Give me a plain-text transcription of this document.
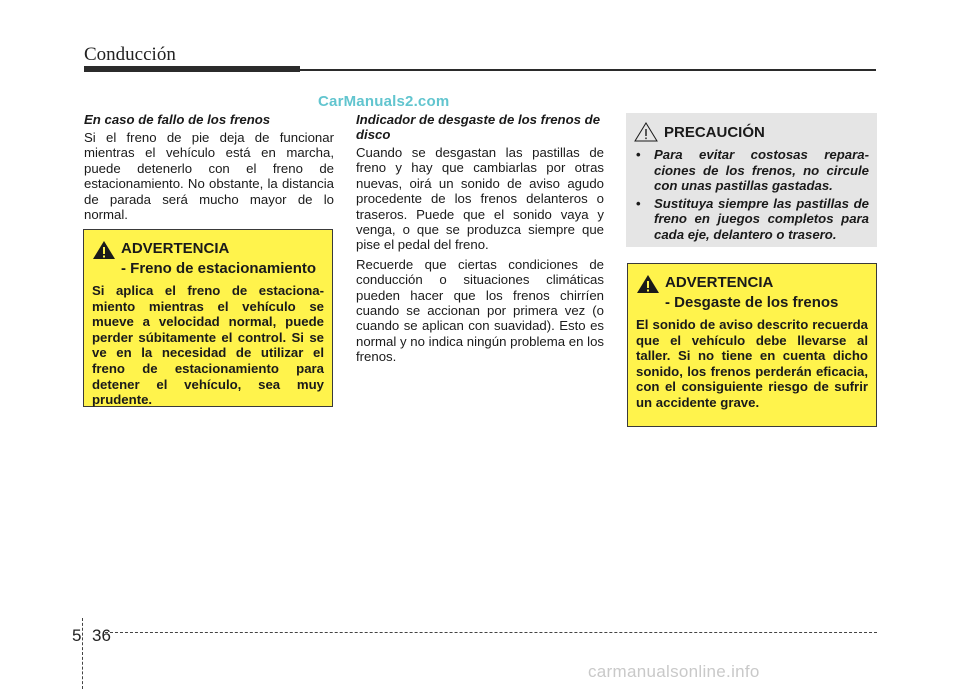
Conducción
CarManuals2.com
En caso de fallo de los frenos

Si el freno de pie deja de funcionar mientras el vehículo está en marcha, puede detenerlo con el freno de estacionamiento. No obstante, la distancia de parada será mucho mayor de lo normal.

ADVERTENCIA
- Freno de estacionamiento
Si aplica el freno de estaciona-miento mientras el vehículo se mueve a velocidad normal, puede perder súbitamente el control. Si se ve en la necesidad de utilizar el freno de estacionamiento para detener el vehículo, sea muy prudente.
Indicador de desgaste de los frenos de disco

Cuando se desgastan las pastillas de freno y hay que cambiarlas por otras nuevas, oirá un sonido de aviso agudo procedente de los frenos delanteros o traseros. Puede que el sonido vaya y venga, o que se produzca siempre que pise el pedal del freno.

Recuerde que ciertas condiciones de conducción o situaciones climáticas pueden hacer que los frenos chirríen cuando se accionan por primera vez (o cuando se aplican con suavidad). Esto es normal y no indica ningún problema en los frenos.

PRECAUCIÓN
• Para evitar costosas repara-ciones de los frenos, no circule con unas pastillas gastadas.
• Sustituya siempre las pastillas de freno en juegos completos para cada eje, delantero o trasero.
ADVERTENCIA
- Desgaste de los frenos
El sonido de aviso descrito recuerda que el vehículo debe llevarse al taller. Si no tiene en cuenta dicho sonido, los frenos perderán eficacia, con el consiguiente riesgo de sufrir un accidente grave.
5 36
carmanualsonline.info
